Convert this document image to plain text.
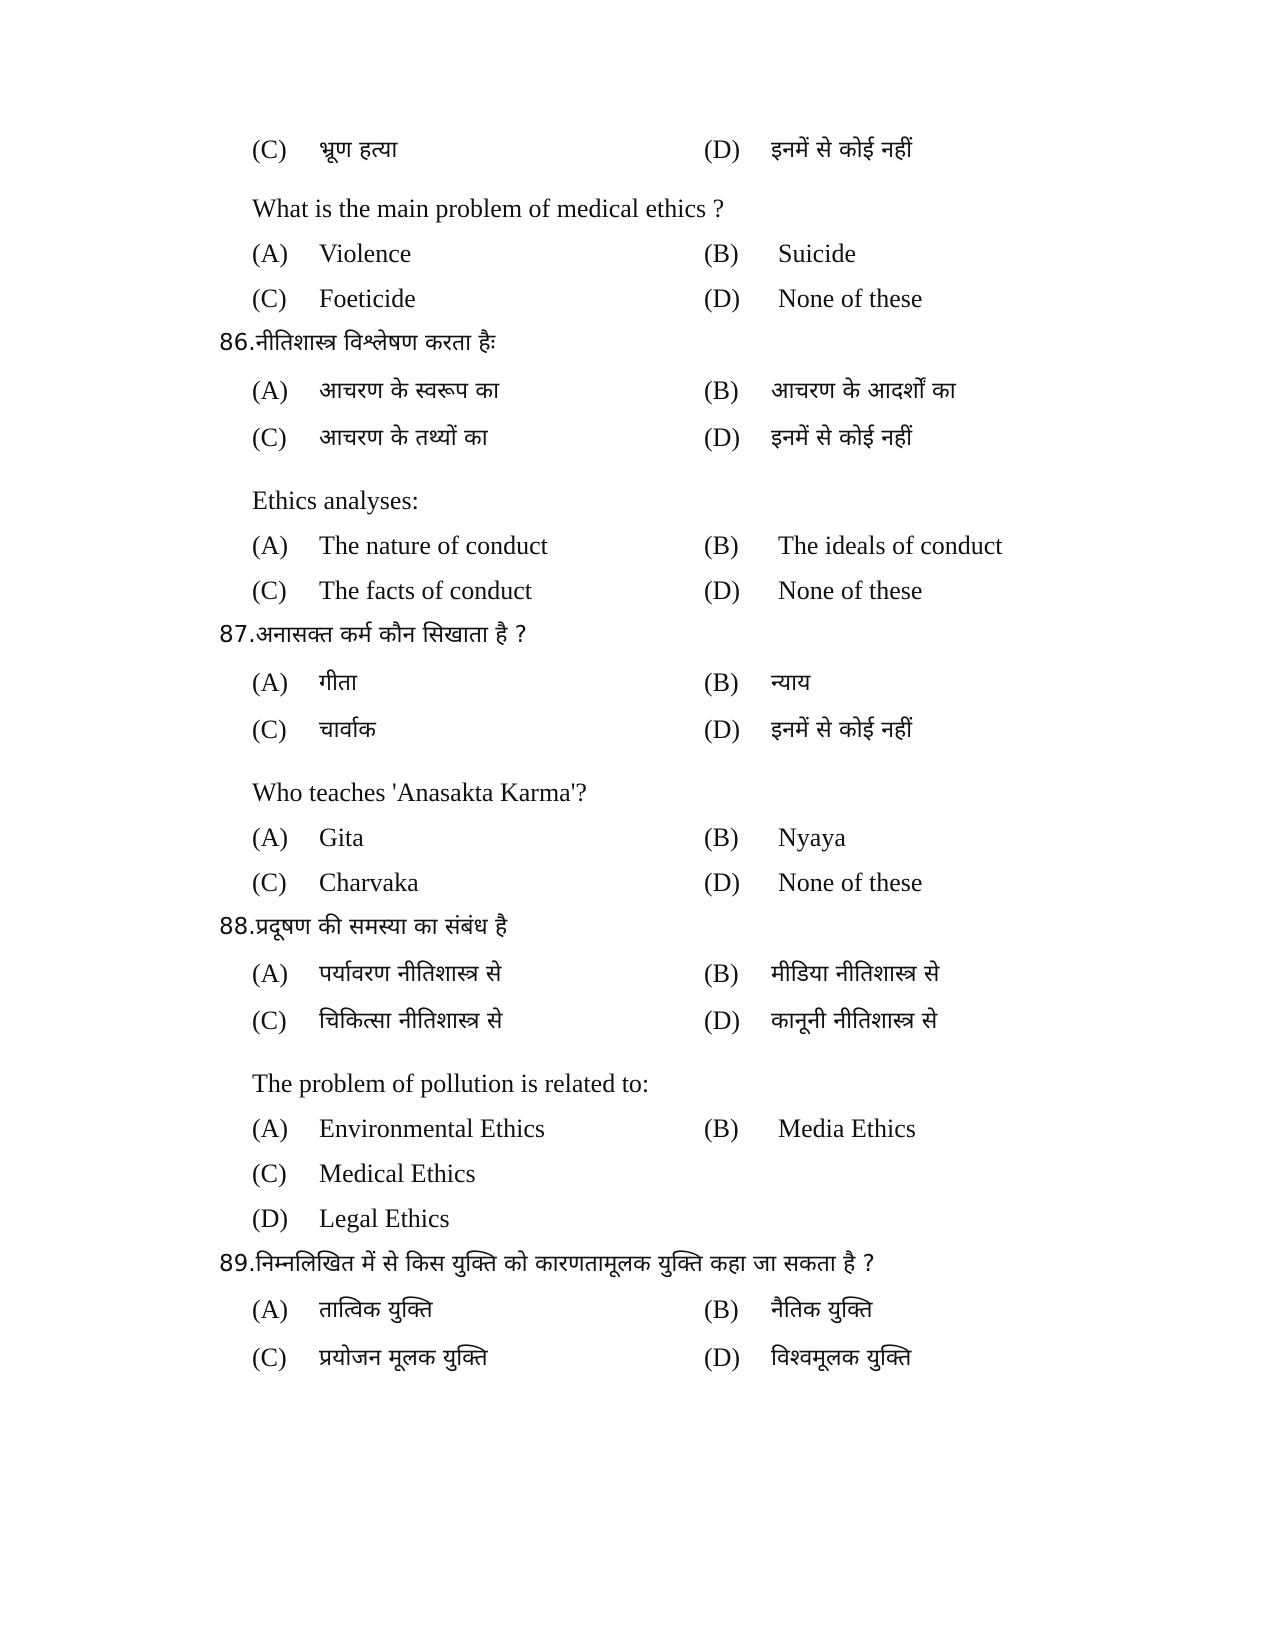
(C) भ्रूण हत्या	(D) इनमें से कोई नहीं
What is the main problem of medical ethics ?
(A) Violence	(B) Suicide
(C) Foeticide	(D) None of these
86.नीतिशास्त्र विश्लेषण करता हैः
(A) आचरण के स्वरूप का	(B) आचरण के आदर्शों का
(C) आचरण के तथ्यों का	(D) इनमें से कोई नहीं
Ethics analyses:
(A) The nature of conduct	(B) The ideals of conduct
(C) The facts of conduct	(D) None of these
87.अनासक्त कर्म कौन सिखाता है ?
(A) गीता	(B) न्याय
(C) चार्वाक	(D) इनमें से कोई नहीं
Who teaches 'Anasakta Karma'?
(A) Gita	(B) Nyaya
(C) Charvaka	(D) None of these
88.प्रदूषण की समस्या का संबंध है
(A) पर्यावरण नीतिशास्त्र से	(B) मीडिया नीतिशास्त्र से
(C) चिकित्सा नीतिशास्त्र से	(D) कानूनी नीतिशास्त्र से
The problem of pollution is related to:
(A) Environmental Ethics	(B) Media Ethics
(C) Medical Ethics
(D) Legal Ethics
89.निम्नलिखित में से किस युक्ति को कारणतामूलक युक्ति कहा जा सकता है ?
(A) तात्विक युक्ति	(B) नैतिक युक्ति
(C) प्रयोजन मूलक युक्ति	(D) विश्वमूलक युक्ति
